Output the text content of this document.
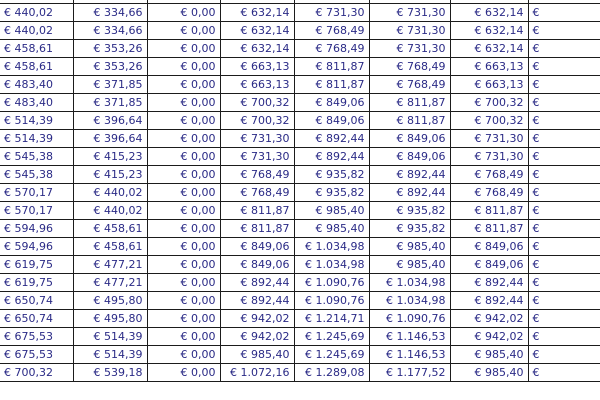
€ 440,02	€ 334,66	€ 0,00	€ 632,14	€ 731,30	€ 731,30	€ 632,14	€
€ 440,02	€ 334,66	€ 0,00	€ 632,14	€ 768,49	€ 731,30	€ 632,14	€
€ 458,61	€ 353,26	€ 0,00	€ 632,14	€ 768,49	€ 731,30	€ 632,14	€
€ 458,61	€ 353,26	€ 0,00	€ 663,13	€ 811,87	€ 768,49	€ 663,13	€
€ 483,40	€ 371,85	€ 0,00	€ 663,13	€ 811,87	€ 768,49	€ 663,13	€
€ 483,40	€ 371,85	€ 0,00	€ 700,32	€ 849,06	€ 811,87	€ 700,32	€
€ 514,39	€ 396,64	€ 0,00	€ 700,32	€ 849,06	€ 811,87	€ 700,32	€
€ 514,39	€ 396,64	€ 0,00	€ 731,30	€ 892,44	€ 849,06	€ 731,30	€
€ 545,38	€ 415,23	€ 0,00	€ 731,30	€ 892,44	€ 849,06	€ 731,30	€
€ 545,38	€ 415,23	€ 0,00	€ 768,49	€ 935,82	€ 892,44	€ 768,49	€
€ 570,17	€ 440,02	€ 0,00	€ 768,49	€ 935,82	€ 892,44	€ 768,49	€
€ 570,17	€ 440,02	€ 0,00	€ 811,87	€ 985,40	€ 935,82	€ 811,87	€
€ 594,96	€ 458,61	€ 0,00	€ 811,87	€ 985,40	€ 935,82	€ 811,87	€
€ 594,96	€ 458,61	€ 0,00	€ 849,06	€ 1.034,98	€ 985,40	€ 849,06	€
€ 619,75	€ 477,21	€ 0,00	€ 849,06	€ 1.034,98	€ 985,40	€ 849,06	€
€ 619,75	€ 477,21	€ 0,00	€ 892,44	€ 1.090,76	€ 1.034,98	€ 892,44	€
€ 650,74	€ 495,80	€ 0,00	€ 892,44	€ 1.090,76	€ 1.034,98	€ 892,44	€
€ 650,74	€ 495,80	€ 0,00	€ 942,02	€ 1.214,71	€ 1.090,76	€ 942,02	€
€ 675,53	€ 514,39	€ 0,00	€ 942,02	€ 1.245,69	€ 1.146,53	€ 942,02	€
€ 675,53	€ 514,39	€ 0,00	€ 985,40	€ 1.245,69	€ 1.146,53	€ 985,40	€
€ 700,32	€ 539,18	€ 0,00	€ 1.072,16	€ 1.289,08	€ 1.177,52	€ 985,40	€
